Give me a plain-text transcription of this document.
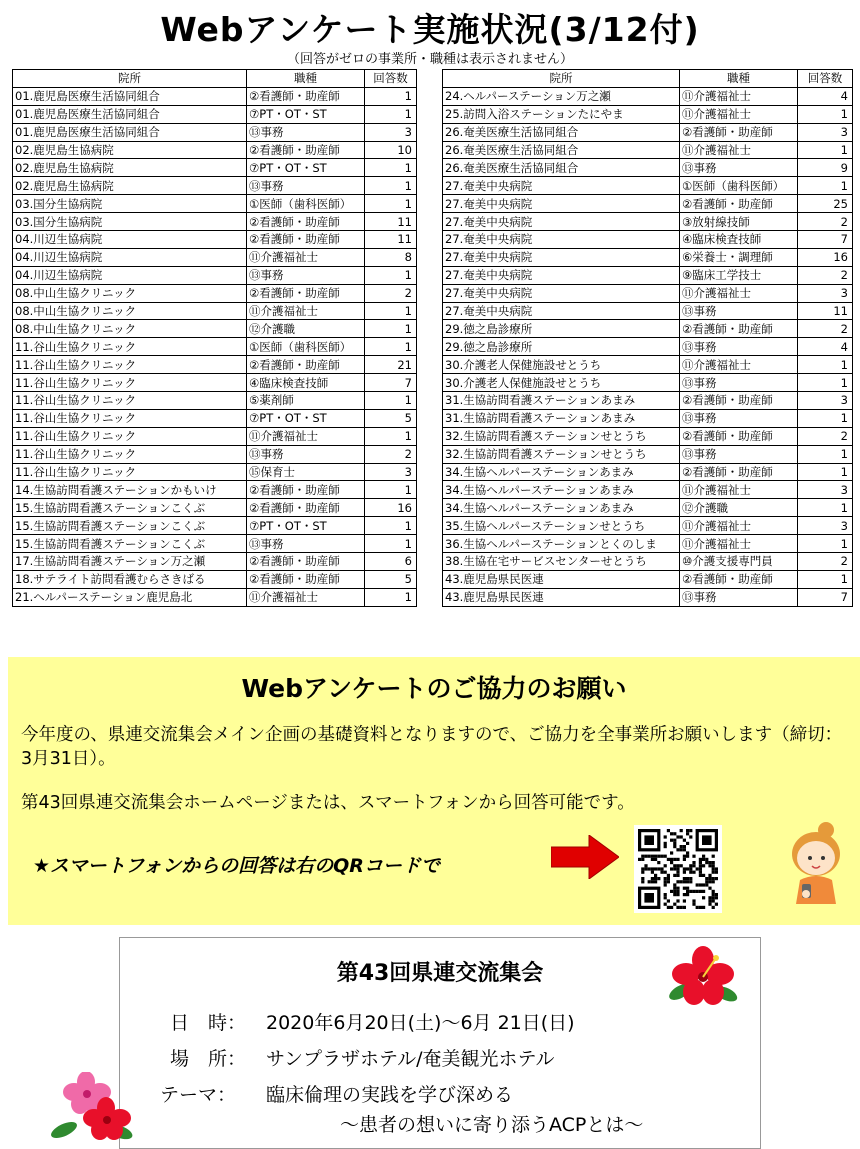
Webアンケート実施状況(3/12付)
（回答がゼロの事業所・職種は表示されません）
院所	職種	回答数
01.鹿児島医療生活協同組合	②看護師・助産師	1
01.鹿児島医療生活協同組合	⑦PT・OT・ST	1
01.鹿児島医療生活協同組合	⑬事務	3
02.鹿児島生協病院	②看護師・助産師	10
02.鹿児島生協病院	⑦PT・OT・ST	1
02.鹿児島生協病院	⑬事務	1
03.国分生協病院	①医師（歯科医師）	1
03.国分生協病院	②看護師・助産師	11
04.川辺生協病院	②看護師・助産師	11
04.川辺生協病院	⑪介護福祉士	8
04.川辺生協病院	⑬事務	1
08.中山生協クリニック	②看護師・助産師	2
08.中山生協クリニック	⑪介護福祉士	1
08.中山生協クリニック	⑫介護職	1
11.谷山生協クリニック	①医師（歯科医師）	1
11.谷山生協クリニック	②看護師・助産師	21
11.谷山生協クリニック	④臨床検査技師	7
11.谷山生協クリニック	⑤薬剤師	1
11.谷山生協クリニック	⑦PT・OT・ST	5
11.谷山生協クリニック	⑪介護福祉士	1
11.谷山生協クリニック	⑬事務	2
11.谷山生協クリニック	⑮保育士	3
14.生協訪問看護ステーションかもいけ	②看護師・助産師	1
15.生協訪問看護ステーションこくぶ	②看護師・助産師	16
15.生協訪問看護ステーションこくぶ	⑦PT・OT・ST	1
15.生協訪問看護ステーションこくぶ	⑬事務	1
17.生協訪問看護ステーション万之瀬	②看護師・助産師	6
18.サテライト訪問看護むらさきばる	②看護師・助産師	5
21.ヘルパーステーション鹿児島北	⑪介護福祉士	1
院所	職種	回答数
24.ヘルパーステーション万之瀬	⑪介護福祉士	4
25.訪問入浴ステーションたにやま	⑪介護福祉士	1
26.奄美医療生活協同組合	②看護師・助産師	3
26.奄美医療生活協同組合	⑪介護福祉士	1
26.奄美医療生活協同組合	⑬事務	9
27.奄美中央病院	①医師（歯科医師）	1
27.奄美中央病院	②看護師・助産師	25
27.奄美中央病院	③放射線技師	2
27.奄美中央病院	④臨床検査技師	7
27.奄美中央病院	⑥栄養士・調理師	16
27.奄美中央病院	⑨臨床工学技士	2
27.奄美中央病院	⑪介護福祉士	3
27.奄美中央病院	⑬事務	11
29.徳之島診療所	②看護師・助産師	2
29.徳之島診療所	⑬事務	4
30.介護老人保健施設せとうち	⑪介護福祉士	1
30.介護老人保健施設せとうち	⑬事務	1
31.生協訪問看護ステーションあまみ	②看護師・助産師	3
31.生協訪問看護ステーションあまみ	⑬事務	1
32.生協訪問看護ステーションせとうち	②看護師・助産師	2
32.生協訪問看護ステーションせとうち	⑬事務	1
34.生協ヘルパーステーションあまみ	②看護師・助産師	1
34.生協ヘルパーステーションあまみ	⑪介護福祉士	3
34.生協ヘルパーステーションあまみ	⑫介護職	1
35.生協ヘルパーステーションせとうち	⑪介護福祉士	3
36.生協ヘルパーステーションとくのしま	⑪介護福祉士	1
38.生協在宅サービスセンターせとうち	⑩介護支援専門員	2
43.鹿児島県民医連	②看護師・助産師	1
43.鹿児島県民医連	⑬事務	7
Webアンケートのご協力のお願い
今年度の、県連交流集会メイン企画の基礎資料となりますので、ご協力を全事業所お願いします（締切：3月31日）。
第43回県連交流集会ホームページまたは、スマートフォンから回答可能です。
★スマートフォンからの回答は右のQRコードで
第43回県連交流集会
日　時： 2020年6月20日(土)～6月 21日(日)
場　所： サンプラザホテル/奄美観光ホテル
テーマ： 臨床倫理の実践を学び深める
～患者の想いに寄り添うACPとは～
